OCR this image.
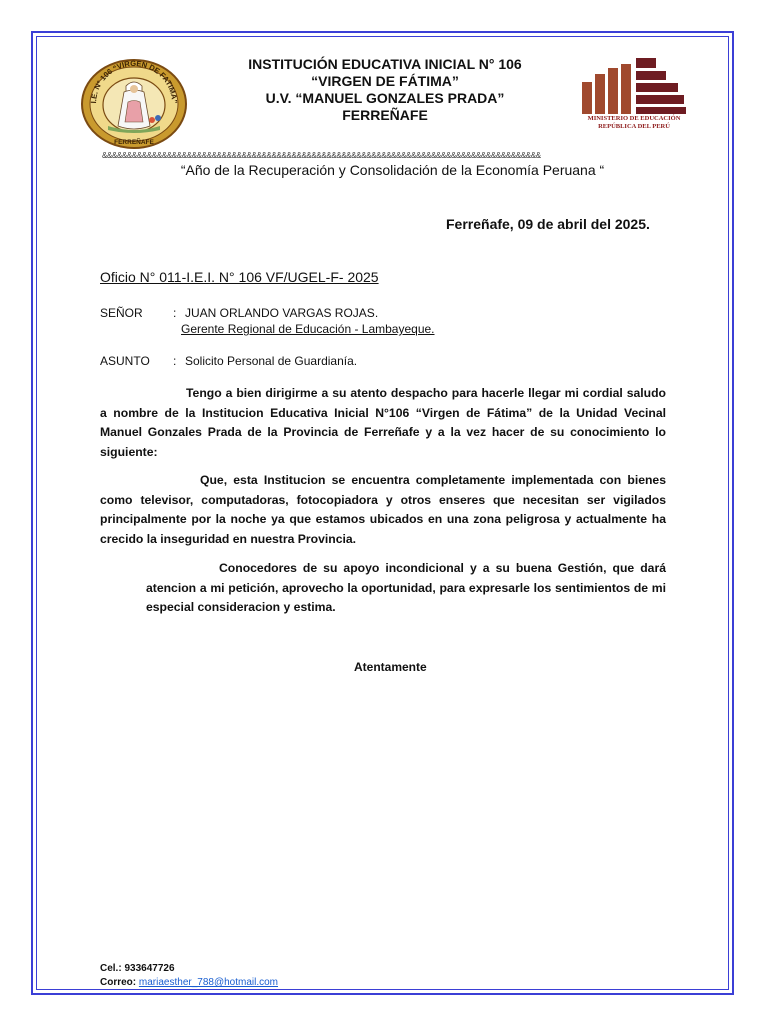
I.E. Nº 106 “VIRGEN DE FATIMA”
FERREÑAFE
INSTITUCIÓN EDUCATIVA INICIAL N° 106
“VIRGEN DE FÁTIMA”
U.V. “MANUEL GONZALES PRADA”
FERREÑAFE	MINISTERIO DE EDUCACIÓN
REPÚBLICA DEL PERÚ
&&&&&&&&&&&&&&&&&&&&&&&&&&&&&&&&&&&&&&&&&&&&&&&&&&&&&&&&&&&&&&&&&&&&&&&&&&&&&&&&&&&&&&&&
“Año de la Recuperación y Consolidación de la Economía Peruana “
Ferreñafe, 09 de abril del 2025.
Oficio N° 011-I.E.I. N° 106 VF/UGEL-F- 2025
SEÑOR	: JUAN ORLANDO VARGAS ROJAS.
Gerente Regional de Educación - Lambayeque.
ASUNTO : Solicito Personal de Guardianía.
Tengo a bien dirigirme a su atento despacho para hacerle llegar mi cordial saludo a nombre de la Institucion Educativa Inicial N°106 “Virgen de Fátima” de la Unidad Vecinal Manuel Gonzales Prada de la Provincia de Ferreñafe y a la vez hacer de su conocimiento lo siguiente:
Que, esta Institucion se encuentra completamente implementada con bienes como televisor, computadoras, fotocopiadora y otros enseres que necesitan ser vigilados principalmente por la noche ya que estamos ubicados en una zona peligrosa y actualmente ha crecido la inseguridad en nuestra Provincia.
Conocedores de su apoyo incondicional y a su buena Gestión, que dará atencion a mi petición, aprovecho la oportunidad, para expresarle los sentimientos de mi especial consideracion y estima.
Atentamente
Cel.: 933647726
Correo: mariaesther_788@hotmail.com
